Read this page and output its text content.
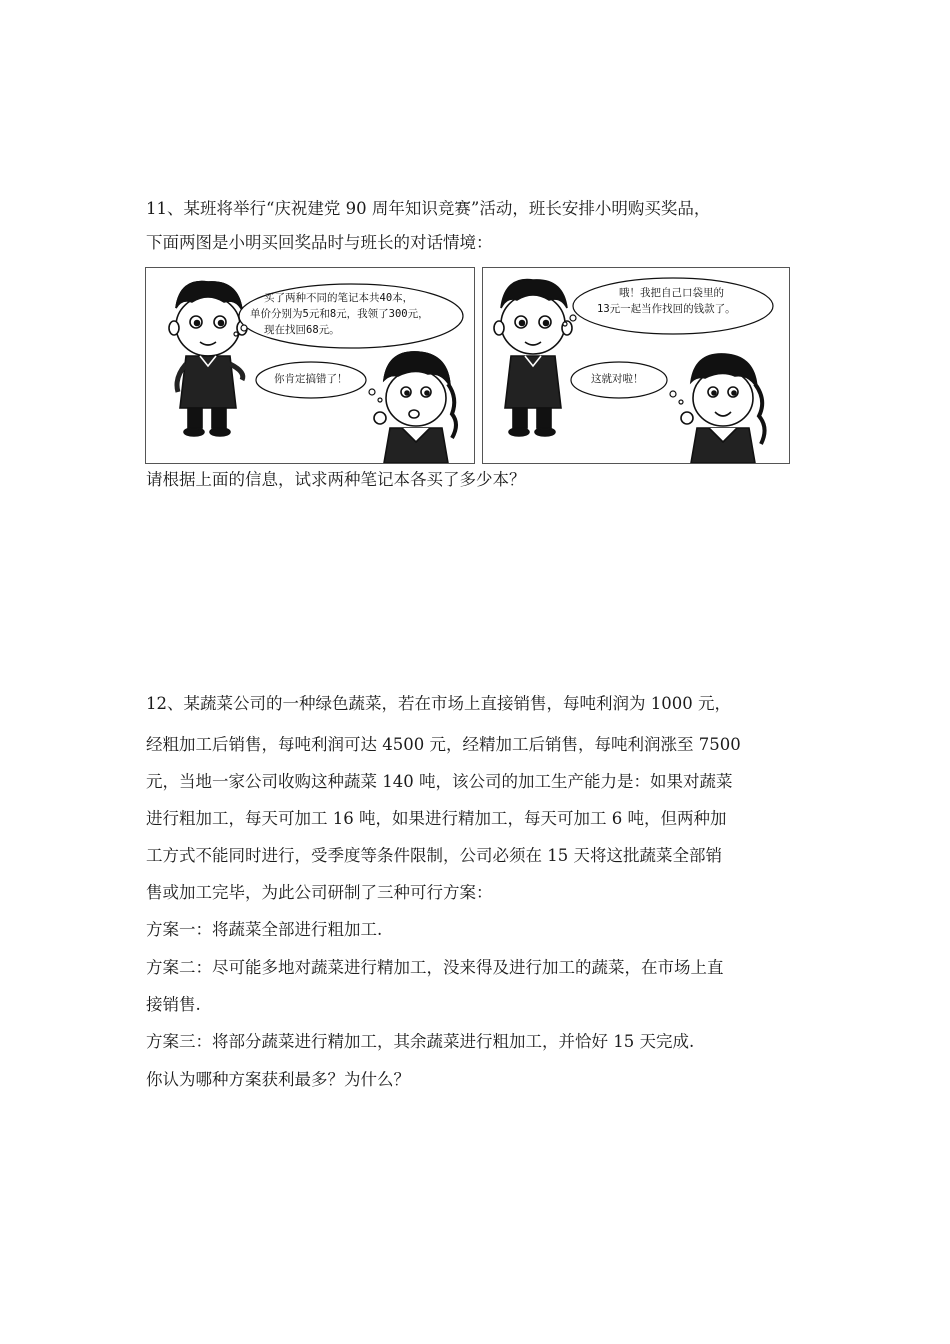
11、某班将举行“庆祝建党 90 周年知识竞赛”活动，班长安排小明购买奖品，
下面两图是小明买回奖品时与班长的对话情境：
买了两种不同的笔记本共40本，
单价分别为5元和8元，我领了300元，
现在找回68元。
你肯定搞错了！
哦！我把自己口袋里的
13元一起当作找回的钱款了。
这就对啦！
请根据上面的信息，试求两种笔记本各买了多少本？
12、某蔬菜公司的一种绿色蔬菜，若在市场上直接销售，每吨利润为 1000 元，
经粗加工后销售，每吨利润可达 4500 元，经精加工后销售，每吨利润涨至 7500
元，当地一家公司收购这种蔬菜 140 吨，该公司的加工生产能力是：如果对蔬菜
进行粗加工，每天可加工 16 吨，如果进行精加工，每天可加工 6 吨，但两种加
工方式不能同时进行，受季度等条件限制，公司必须在 15 天将这批蔬菜全部销
售或加工完毕，为此公司研制了三种可行方案：
方案一：将蔬菜全部进行粗加工.
方案二：尽可能多地对蔬菜进行精加工，没来得及进行加工的蔬菜，在市场上直
接销售.
方案三：将部分蔬菜进行精加工，其余蔬菜进行粗加工，并恰好 15 天完成.
你认为哪种方案获利最多？为什么？
